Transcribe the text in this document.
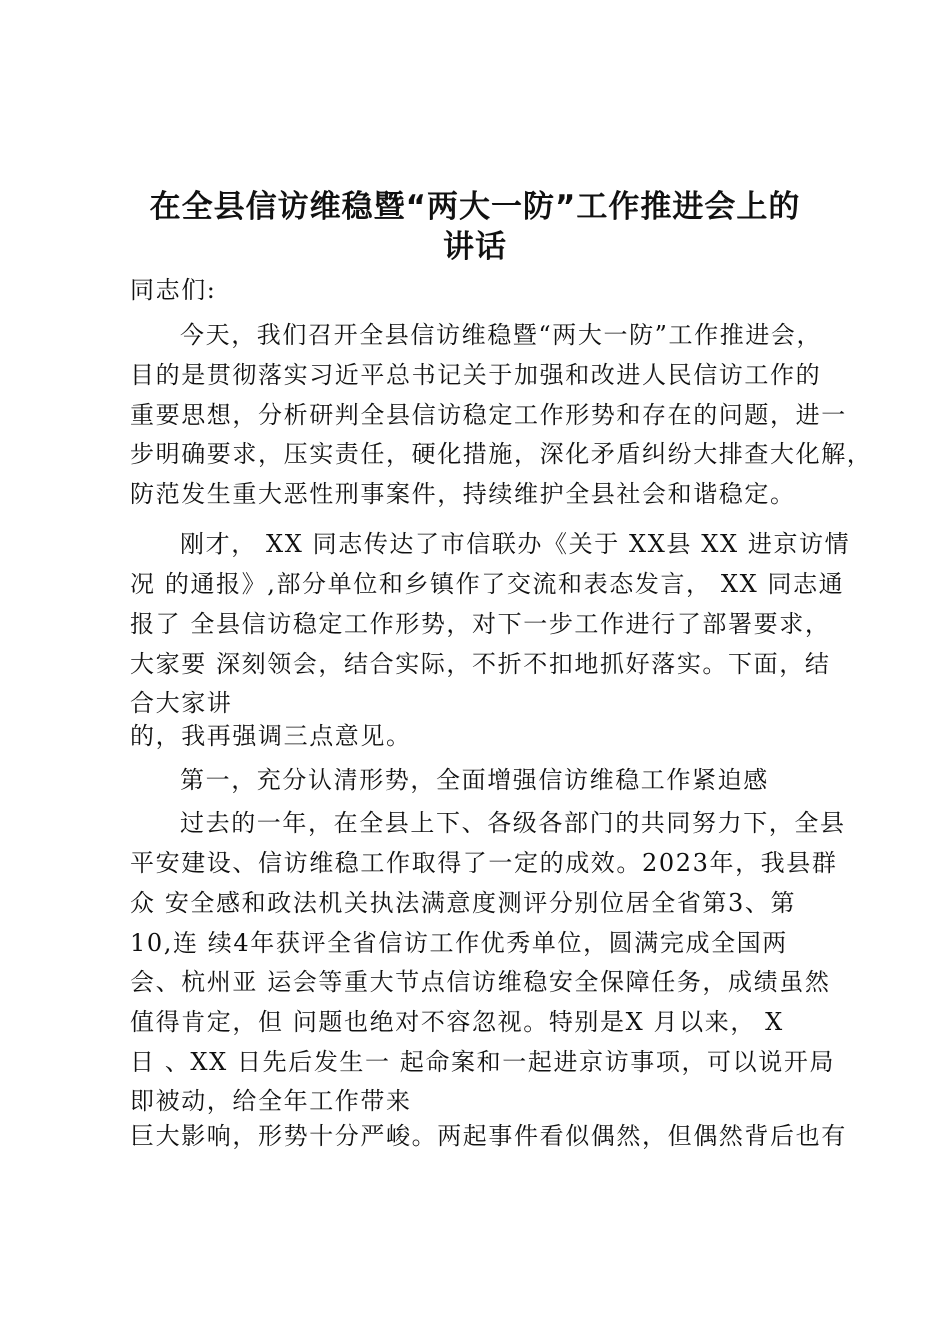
在全县信访维稳暨“两大一防”工作推进会上的
讲话
同志们:
今天，我们召开全县信访维稳暨“两大一防”工作推进会，
目的是贯彻落实习近平总书记关于加强和改进人民信访工作的
重要思想，分析研判全县信访稳定工作形势和存在的问题，进一
步明确要求，压实责任，硬化措施，深化矛盾纠纷大排查大化解，
防范发生重大恶性刑事案件，持续维护全县社会和谐稳定。
刚才， XX 同志传达了市信联办《关于 XX县 XX 进京访情
况 的通报》,部分单位和乡镇作了交流和表态发言， XX 同志通
报了 全县信访稳定工作形势，对下一步工作进行了部署要求，
大家要 深刻领会，结合实际，不折不扣地抓好落实。下面，结
合大家讲
的，我再强调三点意见。
第一，充分认清形势，全面增强信访维稳工作紧迫感
过去的一年，在全县上下、各级各部门的共同努力下，全县
平安建设、信访维稳工作取得了一定的成效。2023年，我县群
众 安全感和政法机关执法满意度测评分别位居全省第3、第
10,连 续4年获评全省信访工作优秀单位，圆满完成全国两
会、杭州亚 运会等重大节点信访维稳安全保障任务，成绩虽然
值得肯定，但 问题也绝对不容忽视。特别是X 月以来， X
日 、XX 日先后发生一 起命案和一起进京访事项，可以说开局
即被动，给全年工作带来
巨大影响，形势十分严峻。两起事件看似偶然，但偶然背后也有
